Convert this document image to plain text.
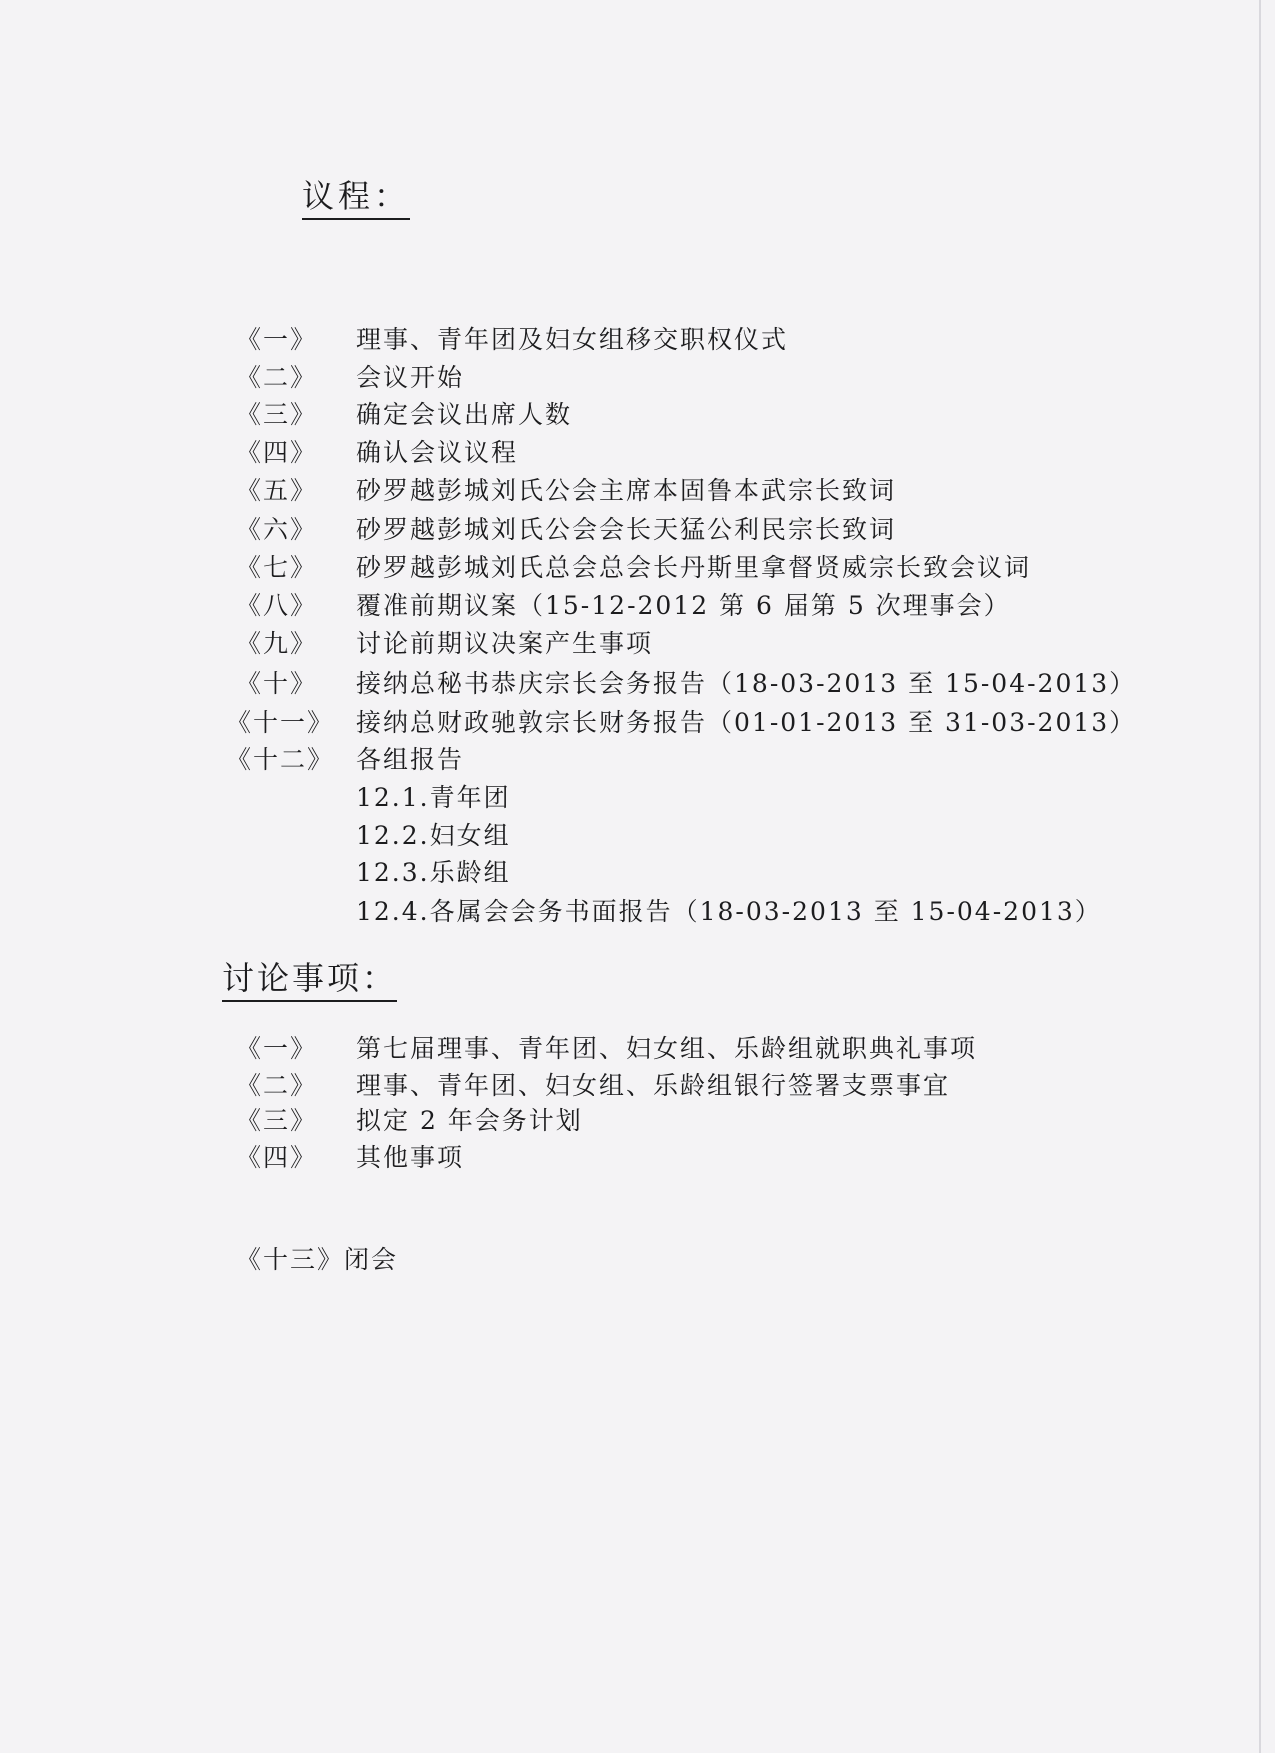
议程：
《一》 理事、青年团及妇女组移交职权仪式
《二》 会议开始
《三》 确定会议出席人数
《四》 确认会议议程
《五》 砂罗越彭城刘氏公会主席本固鲁本武宗长致词
《六》 砂罗越彭城刘氏公会会长天猛公利民宗长致词
《七》 砂罗越彭城刘氏总会总会长丹斯里拿督贤威宗长致会议词
《八》 覆准前期议案（15-12-2012 第 6 届第 5 次理事会）
《九》 讨论前期议决案产生事项
《十》 接纳总秘书恭庆宗长会务报告（18-03-2013 至 15-04-2013）
《十一》 接纳总财政驰敦宗长财务报告（01-01-2013 至 31-03-2013）
《十二》 各组报告
12.1.青年团
12.2.妇女组
12.3.乐龄组
12.4.各属会会务书面报告（18-03-2013 至 15-04-2013）
讨论事项：
《一》 第七届理事、青年团、妇女组、乐龄组就职典礼事项
《二》 理事、青年团、妇女组、乐龄组银行签署支票事宜
《三》 拟定 2 年会务计划
《四》 其他事项
《十三》闭会
